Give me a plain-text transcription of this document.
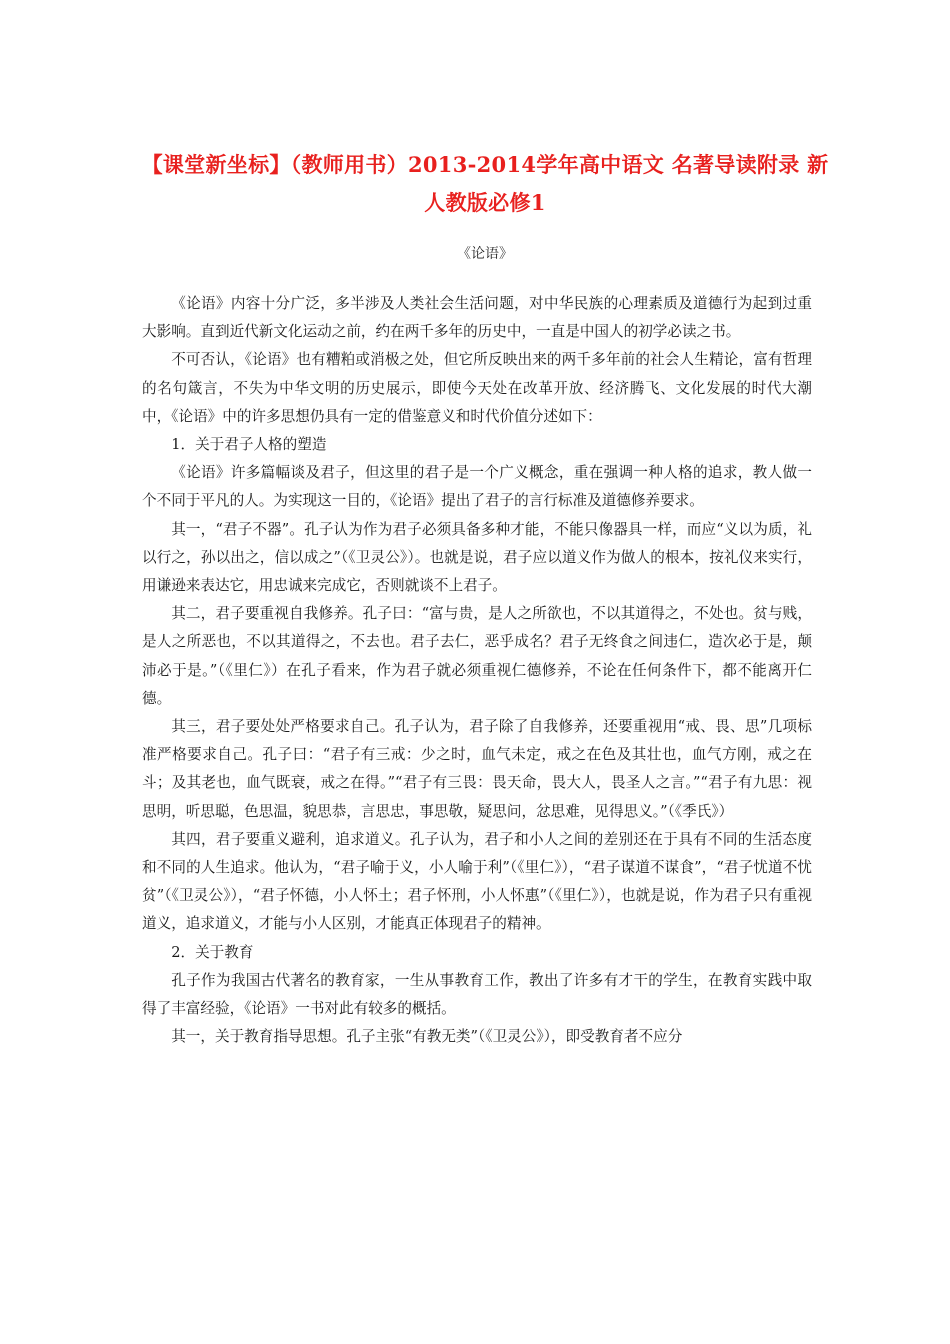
【课堂新坐标】（教师用书）2013-2014学年高中语文 名著导读附录 新人教版必修1
《论语》

《论语》内容十分广泛，多半涉及人类社会生活问题，对中华民族的心理素质及道德行为起到过重大影响。直到近代新文化运动之前，约在两千多年的历史中，一直是中国人的初学必读之书。

不可否认，《论语》也有糟粕或消极之处，但它所反映出来的两千多年前的社会人生精论，富有哲理的名句箴言，不失为中华文明的历史展示，即使今天处在改革开放、经济腾飞、文化发展的时代大潮中，《论语》中的许多思想仍具有一定的借鉴意义和时代价值分述如下：

1．关于君子人格的塑造

《论语》许多篇幅谈及君子，但这里的君子是一个广义概念，重在强调一种人格的追求，教人做一个不同于平凡的人。为实现这一目的，《论语》提出了君子的言行标准及道德修养要求。

其一，“君子不器”。孔子认为作为君子必须具备多种才能，不能只像器具一样，而应“义以为质，礼以行之，孙以出之，信以成之”（《卫灵公》）。也就是说，君子应以道义作为做人的根本，按礼仪来实行，用谦逊来表达它，用忠诚来完成它，否则就谈不上君子。

其二，君子要重视自我修养。孔子曰：“富与贵，是人之所欲也，不以其道得之，不处也。贫与贱，是人之所恶也，不以其道得之，不去也。君子去仁，恶乎成名？君子无终食之间违仁，造次必于是，颠沛必于是。”（《里仁》）在孔子看来，作为君子就必须重视仁德修养，不论在任何条件下，都不能离开仁德。

其三，君子要处处严格要求自己。孔子认为，君子除了自我修养，还要重视用“戒、畏、思”几项标准严格要求自己。孔子曰：“君子有三戒：少之时，血气未定，戒之在色及其壮也，血气方刚，戒之在斗；及其老也，血气既衰，戒之在得。”“君子有三畏：畏天命，畏大人，畏圣人之言。”“君子有九思：视思明，听思聪，色思温，貌思恭，言思忠，事思敬，疑思问，忿思难，见得思义。”（《季氏》）

其四，君子要重义避利，追求道义。孔子认为，君子和小人之间的差别还在于具有不同的生活态度和不同的人生追求。他认为，“君子喻于义，小人喻于利”（《里仁》），“君子谋道不谋食”，“君子忧道不忧贫”（《卫灵公》），“君子怀德，小人怀土；君子怀刑，小人怀惠”（《里仁》），也就是说，作为君子只有重视道义，追求道义，才能与小人区别，才能真正体现君子的精神。

2．关于教育

孔子作为我国古代著名的教育家，一生从事教育工作，教出了许多有才干的学生，在教育实践中取得了丰富经验，《论语》一书对此有较多的概括。

其一，关于教育指导思想。孔子主张“有教无类”（《卫灵公》），即受教育者不应分
